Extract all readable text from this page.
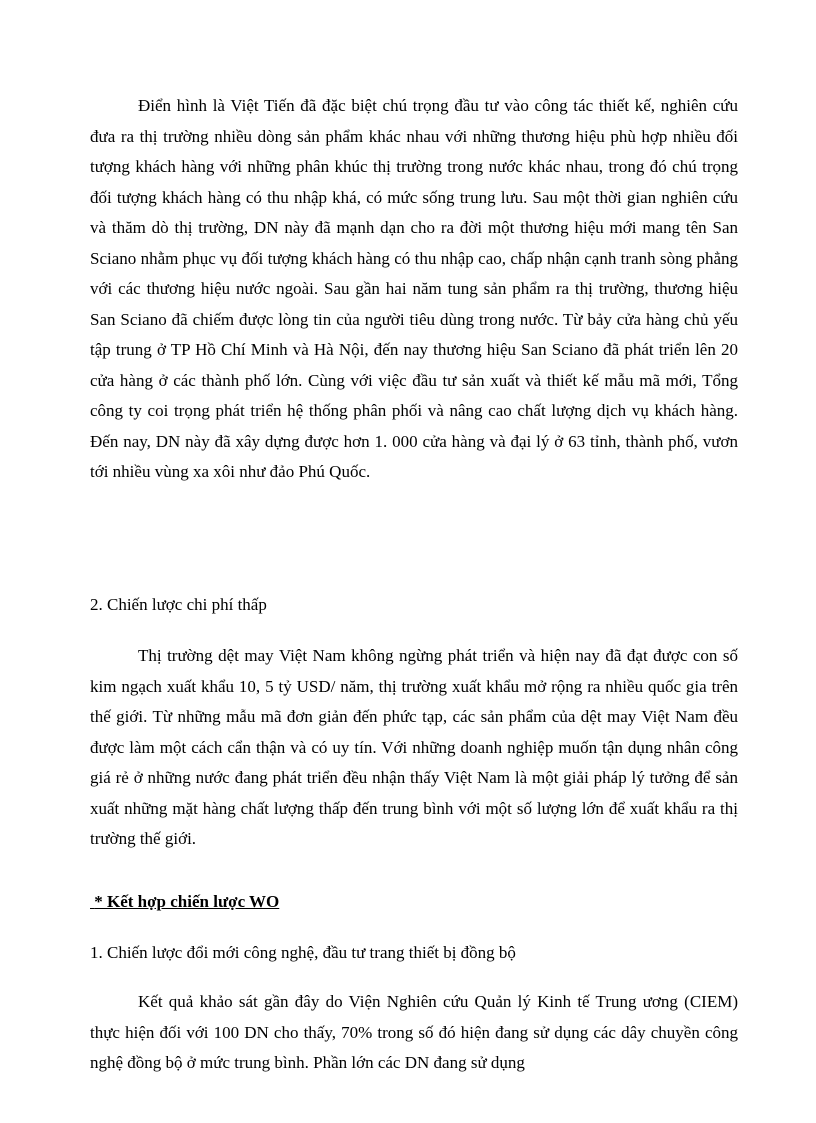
Điển hình là Việt Tiến đã đặc biệt chú trọng đầu tư vào công tác thiết kế, nghiên cứu đưa ra thị trường nhiều dòng sản phẩm khác nhau với những thương hiệu phù hợp nhiều đối tượng khách hàng với những phân khúc thị trường trong nước khác nhau, trong đó chú trọng đối tượng khách hàng có thu nhập khá, có mức sống trung lưu. Sau một thời gian nghiên cứu và thăm dò thị trường, DN này đã mạnh dạn cho ra đời một thương hiệu mới mang tên San Sciano nhằm phục vụ đối tượng khách hàng có thu nhập cao, chấp nhận cạnh tranh sòng phẳng với các thương hiệu nước ngoài. Sau gần hai năm tung sản phẩm ra thị trường, thương hiệu San Sciano đã chiếm được lòng tin của người tiêu dùng trong nước. Từ bảy cửa hàng chủ yếu tập trung ở TP Hồ Chí Minh và Hà Nội, đến nay thương hiệu San Sciano đã phát triển lên 20 cửa hàng ở các thành phố lớn. Cùng với việc đầu tư sản xuất và thiết kế mẫu mã mới, Tổng công ty coi trọng phát triển hệ thống phân phối và nâng cao chất lượng dịch vụ khách hàng. Đến nay, DN này đã xây dựng được hơn 1. 000 cửa hàng và đại lý ở 63 tỉnh, thành phố, vươn tới nhiều vùng xa xôi như đảo Phú Quốc.

2. Chiến lược chi phí thấp

Thị trường dệt may Việt Nam không ngừng phát triển và hiện nay đã đạt được con số kim ngạch xuất khẩu 10, 5 tỷ USD/ năm, thị trường xuất khẩu mở rộng ra nhiều quốc gia trên thế giới. Từ những mẫu mã đơn giản đến phức tạp, các sản phẩm của dệt may Việt Nam đều được làm một cách cẩn thận và có uy tín. Với những doanh nghiệp muốn tận dụng nhân công giá rẻ ở những nước đang phát triển đều nhận thấy Việt Nam là một giải pháp lý tưởng để sản xuất những mặt hàng chất lượng thấp đến trung bình với một số lượng lớn để xuất khẩu ra thị trường thế giới.

* Kết hợp chiến lược WO

1. Chiến lược đổi mới công nghệ, đầu tư trang thiết bị đồng bộ

Kết quả khảo sát gần đây do Viện Nghiên cứu Quản lý Kinh tế Trung ương (CIEM) thực hiện đối với 100 DN cho thấy, 70% trong số đó hiện đang sử dụng các dây chuyền công nghệ đồng bộ ở mức trung bình. Phần lớn các DN đang sử dụng
